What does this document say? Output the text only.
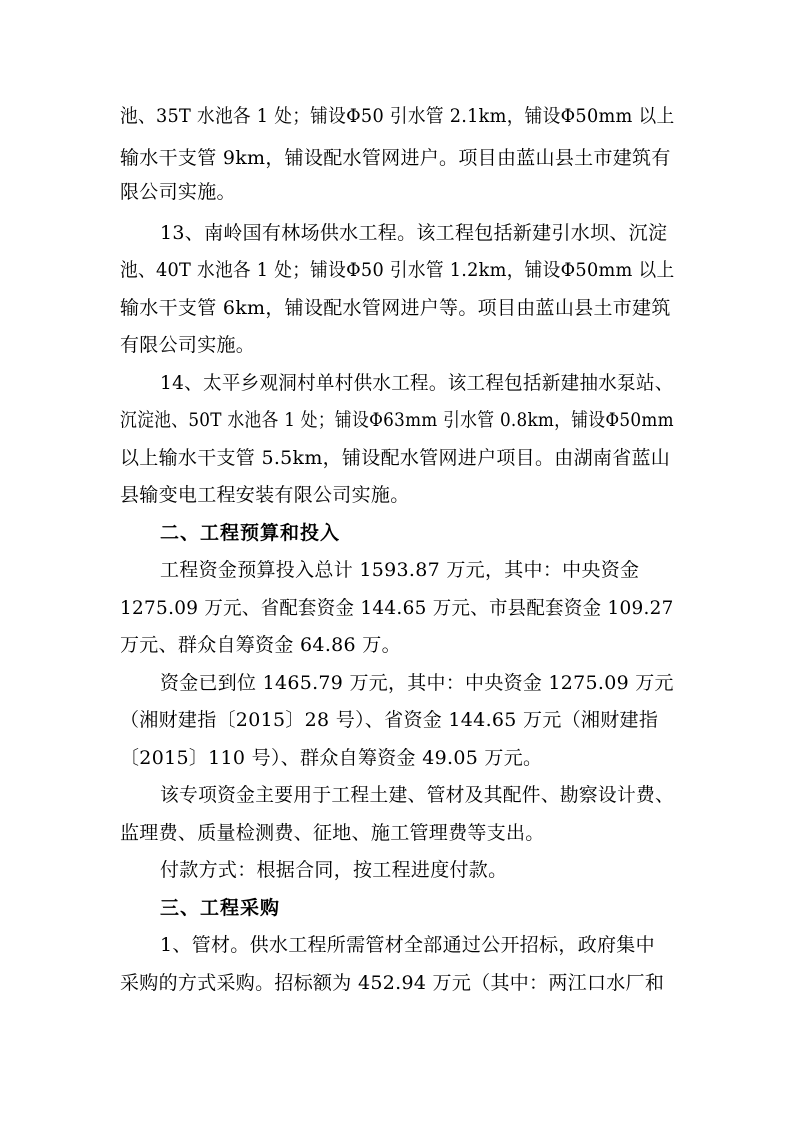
池、35T 水池各 1 处；铺设Φ50 引水管 2.1km，铺设Φ50mm 以上
输水干支管 9km，铺设配水管网进户。项目由蓝山县土市建筑有
限公司实施。
13、南岭国有林场供水工程。该工程包括新建引水坝、沉淀
池、40T 水池各 1 处；铺设Φ50 引水管 1.2km，铺设Φ50mm 以上
输水干支管 6km，铺设配水管网进户等。项目由蓝山县土市建筑
有限公司实施。
14、太平乡观洞村单村供水工程。该工程包括新建抽水泵站、
沉淀池、50T 水池各 1 处；铺设Φ63mm 引水管 0.8km，铺设Φ50mm
以上输水干支管 5.5km，铺设配水管网进户项目。由湖南省蓝山
县输变电工程安装有限公司实施。
二、工程预算和投入
工程资金预算投入总计 1593.87 万元，其中：中央资金
1275.09 万元、省配套资金 144.65 万元、市县配套资金 109.27
万元、群众自筹资金 64.86 万。
资金已到位 1465.79 万元，其中：中央资金 1275.09 万元
（湘财建指〔2015〕28 号）、省资金 144.65 万元（湘财建指
〔2015〕110 号）、群众自筹资金 49.05 万元。
该专项资金主要用于工程土建、管材及其配件、勘察设计费、
监理费、质量检测费、征地、施工管理费等支出。
付款方式：根据合同，按工程进度付款。
三、工程采购
1、管材。供水工程所需管材全部通过公开招标，政府集中
采购的方式采购。招标额为 452.94 万元（其中：两江口水厂和
